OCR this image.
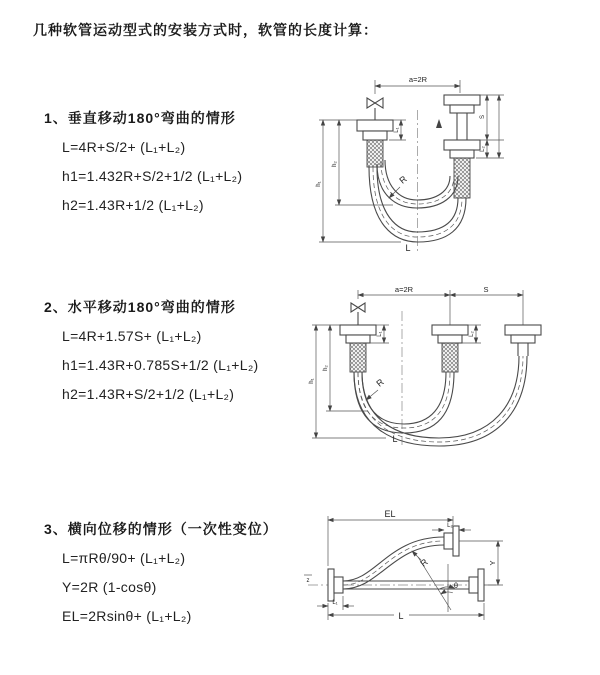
几种软管运动型式的安装方式时，软管的长度计算：

1、垂直移动180°弯曲的情形

L=4R+S/2+ (L₁+L₂)

h1=1.432R+S/2+1/2 (L₁+L₂)

h2=1.43R+1/2 (L₁+L₂)

2、水平移动180°弯曲的情形

L=4R+1.57S+ (L₁+L₂)

h1=1.43R+0.785S+1/2 (L₁+L₂)

h2=1.43R+S/2+1/2 (L₁+L₂)

3、横向位移的情形（一次性变位）

L=πRθ/90+ (L₁+L₂)

Y=2R (1-cosθ)

EL=2Rsinθ+ (L₁+L₂)

a=2R
h₁
h₂
L₁
S
L₂
R
L
a=2R	S
h₁
h₂
L₁	L₂
R
L
z
EL
L₂
Y
L
L₁
θ
R
